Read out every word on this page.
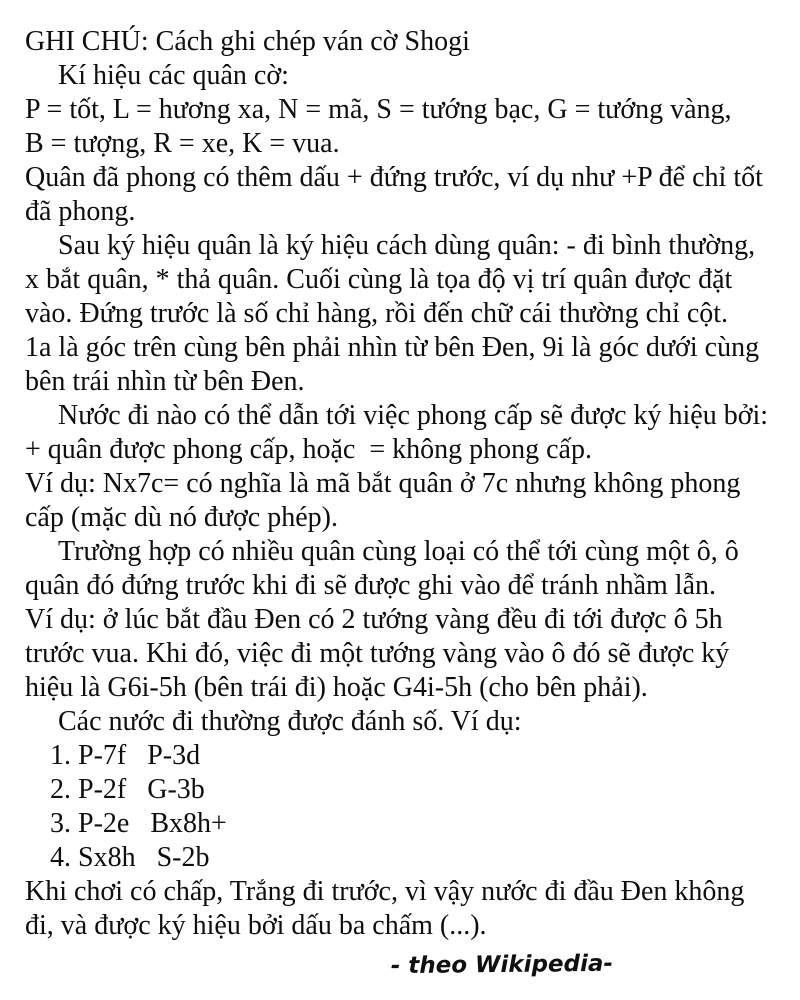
GHI CHÚ: Cách ghi chép ván cờ Shogi
Kí hiệu các quân cờ:
P = tốt, L = hương xa, N = mã, S = tướng bạc, G = tướng vàng,
B = tượng, R = xe, K = vua.
Quân đã phong có thêm dấu + đứng trước, ví dụ như +P để chỉ tốt
đã phong.
Sau ký hiệu quân là ký hiệu cách dùng quân: - đi bình thường,
x bắt quân, * thả quân. Cuối cùng là tọa độ vị trí quân được đặt
vào. Đứng trước là số chỉ hàng, rồi đến chữ cái thường chỉ cột.
1a là góc trên cùng bên phải nhìn từ bên Đen, 9i là góc dưới cùng
bên trái nhìn từ bên Đen.
Nước đi nào có thể dẫn tới việc phong cấp sẽ được ký hiệu bởi:
+ quân được phong cấp, hoặc  = không phong cấp.
Ví dụ: Nx7c= có nghĩa là mã bắt quân ở 7c nhưng không phong
cấp (mặc dù nó được phép).
Trường hợp có nhiều quân cùng loại có thể tới cùng một ô, ô
quân đó đứng trước khi đi sẽ được ghi vào để tránh nhầm lẫn.
Ví dụ: ở lúc bắt đầu Đen có 2 tướng vàng đều đi tới được ô 5h
trước vua. Khi đó, việc đi một tướng vàng vào ô đó sẽ được ký
hiệu là G6i-5h (bên trái đi) hoặc G4i-5h (cho bên phải).
Các nước đi thường được đánh số. Ví dụ:
1. P-7f   P-3d
2. P-2f   G-3b
3. P-2e   Bx8h+
4. Sx8h   S-2b
Khi chơi có chấp, Trắng đi trước, vì vậy nước đi đầu Đen không
đi, và được ký hiệu bởi dấu ba chấm (...).
- theo Wikipedia-
